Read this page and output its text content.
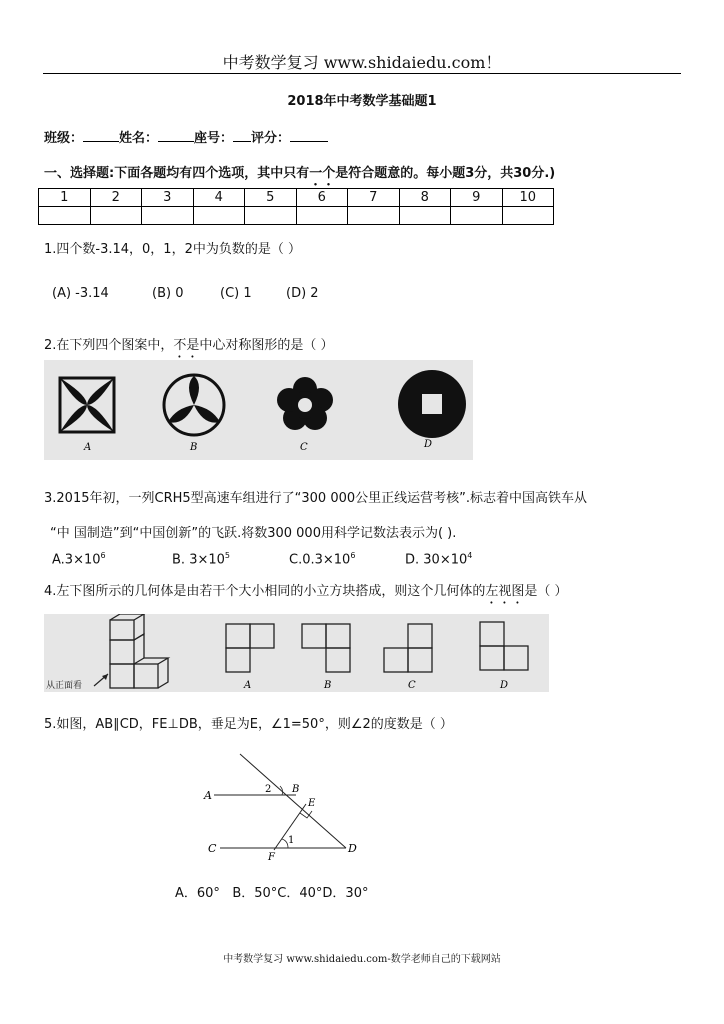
中考数学复习 www.shidaiedu.com！
2018年中考数学基础题1
班级：	姓名：	座号： 评分：
一、选择题:下面各题均有四个选项，其中只有一个是符合题意的。每小题3分，共30分.)
1	2	3	4	5	6	7	8	9	10

1.四个数-3.14，0，1，2中为负数的是（ ）
(A) -3.14	(B) 0	(C) 1	(D) 2
2.在下列四个图案中，不是中心对称图形的是（ ）
A	B	C	D
3.2015年初，一列CRH5型高速车组进行了“300 000公里正线运营考核”.标志着中国高铁车从
“中 国制造”到“中国创新”的飞跃.将数300 000用科学记数法表示为( ).
$A.3\times 10^6$	B. $3\times 10^5$	$C.0.3\times 10^6$	D. $30\times 10^4$
4.左下图所示的几何体是由若干个大小相同的小立方块搭成，则这个几何体的左视图是（ ）
从正面看	A	B	C	D
5.如图，AB∥CD，FE⊥DB，垂足为E，∠1=50°，则∠2的度数是（ ）
A	B
C	D
E
F
1
2
A．60°   B．50°C．40°D．30°
中考数学复习 www.shidaiedu.com-数学老师自己的下载网站
